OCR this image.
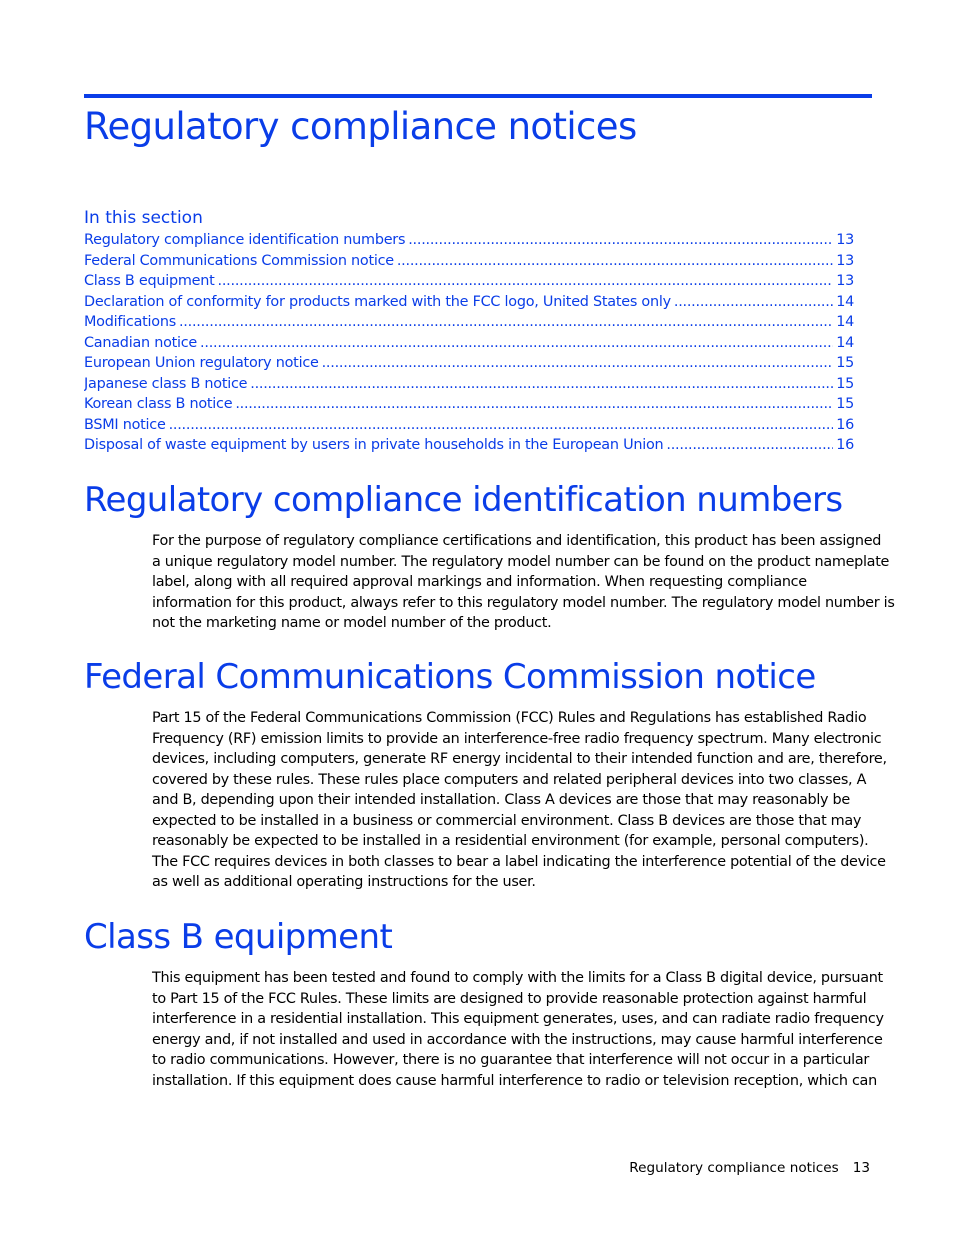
Regulatory compliance notices
In this section
Regulatory compliance identification numbers .....	13
Federal Communications Commission notice .....	13
Class B equipment .....	13
Declaration of conformity for products marked with the FCC logo, United States only .....	14
Modifications .....	14
Canadian notice .....	14
European Union regulatory notice .....	15
Japanese class B notice .....	15
Korean class B notice .....	15
BSMI notice .....	16
Disposal of waste equipment by users in private households in the European Union .....	16
Regulatory compliance identification numbers

For the purpose of regulatory compliance certifications and identification, this product has been assigned
a unique regulatory model number. The regulatory model number can be found on the product nameplate
label, along with all required approval markings and information. When requesting compliance
information for this product, always refer to this regulatory model number. The regulatory model number is
not the marketing name or model number of the product.

Federal Communications Commission notice

Part 15 of the Federal Communications Commission (FCC) Rules and Regulations has established Radio
Frequency (RF) emission limits to provide an interference-free radio frequency spectrum. Many electronic
devices, including computers, generate RF energy incidental to their intended function and are, therefore,
covered by these rules. These rules place computers and related peripheral devices into two classes, A
and B, depending upon their intended installation. Class A devices are those that may reasonably be
expected to be installed in a business or commercial environment. Class B devices are those that may
reasonably be expected to be installed in a residential environment (for example, personal computers).
The FCC requires devices in both classes to bear a label indicating the interference potential of the device
as well as additional operating instructions for the user.

Class B equipment

This equipment has been tested and found to comply with the limits for a Class B digital device, pursuant
to Part 15 of the FCC Rules. These limits are designed to provide reasonable protection against harmful
interference in a residential installation. This equipment generates, uses, and can radiate radio frequency
energy and, if not installed and used in accordance with the instructions, may cause harmful interference
to radio communications. However, there is no guarantee that interference will not occur in a particular
installation. If this equipment does cause harmful interference to radio or television reception, which can

Regulatory compliance notices 13
